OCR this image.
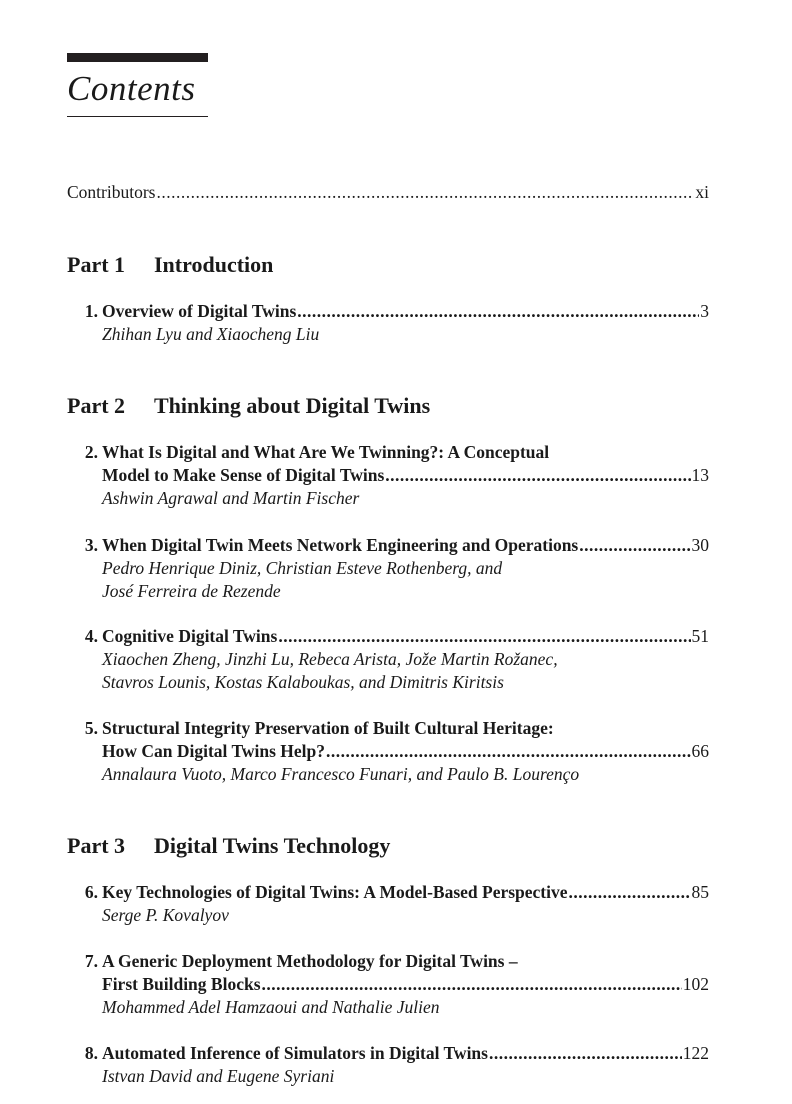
Contents
Contributors .....	xi
Part 1 Introduction
1. Overview of Digital Twins .....	3
Zhihan Lyu and Xiaocheng Liu
Part 2 Thinking about Digital Twins
2. What Is Digital and What Are We Twinning?: A Conceptual
Model to Make Sense of Digital Twins .....	13
Ashwin Agrawal and Martin Fischer
3. When Digital Twin Meets Network Engineering and Operations .....	30
Pedro Henrique Diniz, Christian Esteve Rothenberg, and
José Ferreira de Rezende
4. Cognitive Digital Twins .....	51
Xiaochen Zheng, Jinzhi Lu, Rebeca Arista, Jože Martin Rožanec,
Stavros Lounis, Kostas Kalaboukas, and Dimitris Kiritsis
5. Structural Integrity Preservation of Built Cultural Heritage:
How Can Digital Twins Help? .....	66
Annalaura Vuoto, Marco Francesco Funari, and Paulo B. Lourenço
Part 3 Digital Twins Technology
6. Key Technologies of Digital Twins: A Model-Based Perspective .....	85
Serge P. Kovalyov
7. A Generic Deployment Methodology for Digital Twins –
First Building Blocks .....	102
Mohammed Adel Hamzaoui and Nathalie Julien
8. Automated Inference of Simulators in Digital Twins .....	122
Istvan David and Eugene Syriani
